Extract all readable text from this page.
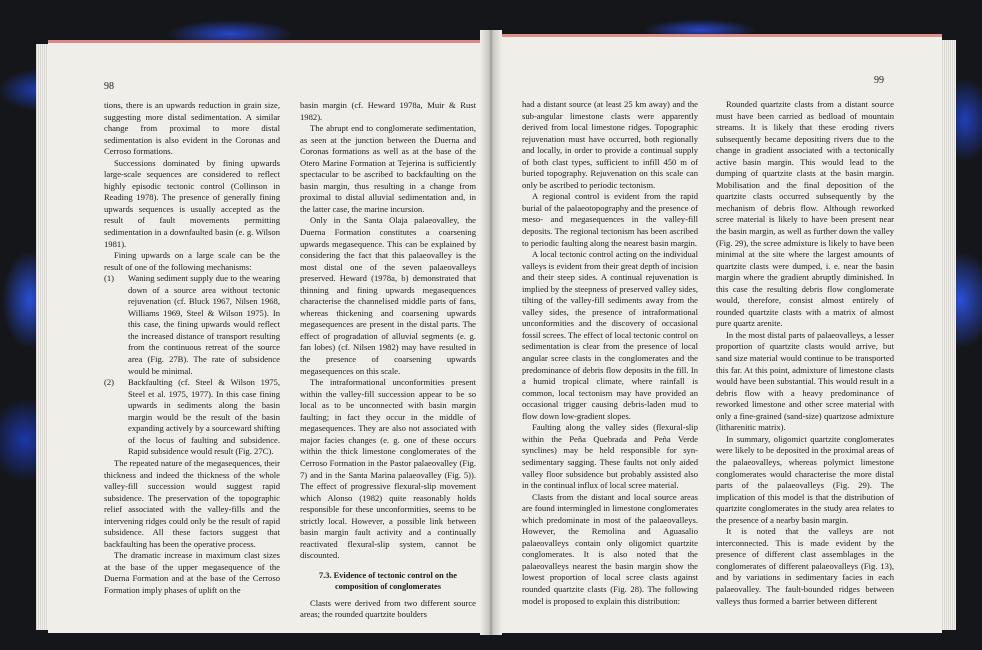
98

tions, there is an upwards reduction in grain size, suggesting more distal sedimentation. A similar change from proximal to more distal sedimentation is also evident in the Coronas and Cerroso formations.

Successions dominated by fining upwards large-scale sequences are considered to reflect highly episodic tectonic control (Collinson in Reading 1978). The presence of generally fining upwards sequences is usually accepted as the result of fault movements permitting sedimentation in a downfaulted basin (e. g. Wilson 1981).

Fining upwards on a large scale can be the result of one of the following mechanisms:

(1) Waning sediment supply due to the wearing down of a source area without tectonic rejuvenation (cf. Bluck 1967, Nilsen 1968, Williams 1969, Steel & Wilson 1975). In this case, the fining upwards would reflect the increased distance of transport resulting from the continuous retreat of the source area (Fig. 27B). The rate of subsidence would be minimal.
(2) Backfaulting (cf. Steel & Wilson 1975, Steel et al. 1975, 1977). In this case fining upwards in sediments along the basin margin would be the result of the basin expanding actively by a sourceward shifting of the locus of faulting and subsidence. Rapid subsidence would result (Fig. 27C).

The repeated nature of the megasequences, their thickness and indeed the thickness of the whole valley-fill succession would suggest rapid subsidence. The preservation of the topographic relief associated with the valley-fills and the intervening ridges could only be the result of rapid subsidence. All these factors suggest that backfaulting has been the operative process.

The dramatic increase in maximum clast sizes at the base of the upper megasequence of the Duerna Formation and at the base of the Cerroso Formation imply phases of uplift on the

basin margin (cf. Heward 1978a, Muir & Rust 1982).

The abrupt end to conglomerate sedimentation, as seen at the junction between the Duerna and Coronas formations as well as at the base of the Otero Marine Formation at Tejerina is sufficiently spectacular to be ascribed to backfaulting on the basin margin, thus resulting in a change from proximal to distal alluvial sedimentation and, in the latter case, the marine incursion.

Only in the Santa Olaja palaeovalley, the Duerna Formation constitutes a coarsening upwards megasequence. This can be explained by considering the fact that this palaeovalley is the most distal one of the seven palaeovalleys preserved. Heward (1978a, b) demonstrated that thinning and fining upwards megasequences characterise the channelised middle parts of fans, whereas thickening and coarsening upwards megasequences are present in the distal parts. The effect of progradation of alluvial segments (e. g. fan lobes) (cf. Nilsen 1982) may have resulted in the presence of coarsening upwards megasequences on this scale.

The intraformational unconformities present within the valley-fill succession appear to be so local as to be unconnected with basin margin faulting; in fact they occur in the middle of megasequences. They are also not associated with major facies changes (e. g. one of these occurs within the thick limestone conglomerates of the Cerroso Formation in the Pastor palaeovalley (Fig. 7) and in the Santa Marina palaeovalley (Fig. 5)). The effect of progressive flexural-slip movement which Alonso (1982) quite reasonably holds responsible for these unconformities, seems to be strictly local. However, a possible link between basin margin fault activity and a continually reactivated flexural-slip system, cannot be discounted.

7.3. Evidence of tectonic control on the composition of conglomerates

Clasts were derived from two different source areas; the rounded quartzite boulders

99

had a distant source (at least 25 km away) and the sub-angular limestone clasts were apparently derived from local limestone ridges. Topographic rejuvenation must have occurred, both regionally and locally, in order to provide a continual supply of both clast types, sufficient to infill 450 m of buried topography. Rejuvenation on this scale can only be ascribed to periodic tectonism.

A regional control is evident from the rapid burial of the palaeotopography and the presence of meso- and megasequences in the valley-fill deposits. The regional tectonism has been ascribed to periodic faulting along the nearest basin margin.

A local tectonic control acting on the individual valleys is evident from their great depth of incision and their steep sides. A continual rejuvenation is implied by the steepness of preserved valley sides, tilting of the valley-fill sediments away from the valley sides, the presence of intraformational unconformities and the discovery of occasional fossil screes. The effect of local tectonic control on sedimentation is clear from the presence of local angular scree clasts in the conglomerates and the predominance of debris flow deposits in the fill. In a humid tropical climate, where rainfall is common, local tectonism may have provided an occasional trigger causing debris-laden mud to flow down low-gradient slopes.

Faulting along the valley sides (flexural-slip within the Peña Quebrada and Peña Verde synclines) may be held responsible for syn-sedimentary sagging. These faults not only aided valley floor subsidence but probably assisted also in the continual influx of local scree material.

Clasts from the distant and local source areas are found intermingled in limestone conglomerates which predominate in most of the palaeovalleys. However, the Remolina and Aguasalio palaeovalleys contain only oligomict quartzite conglomerates. It is also noted that the palaeovalleys nearest the basin margin show the lowest proportion of local scree clasts against rounded quartzite clasts (Fig. 28). The following model is proposed to explain this distribution:

Rounded quartzite clasts from a distant source must have been carried as bedload of mountain streams. It is likely that these eroding rivers subsequently became depositing rivers due to the change in gradient associated with a tectonically active basin margin. This would lead to the dumping of quartzite clasts at the basin margin. Mobilisation and the final deposition of the quartzite clasts occurred subsequently by the mechanism of debris flow. Although reworked scree material is likely to have been present near the basin margin, as well as further down the valley (Fig. 29), the scree admixture is likely to have been minimal at the site where the largest amounts of quartzite clasts were dumped, i. e. near the basin margin where the gradient abruptly diminished. In this case the resulting debris flow conglomerate would, therefore, consist almost entirely of rounded quartzite clasts with a matrix of almost pure quartz arenite.

In the most distal parts of palaeovalleys, a lesser proportion of quartzite clasts would arrive, but sand size material would continue to be transported this far. At this point, admixture of limestone clasts would have been substantial. This would result in a debris flow with a heavy predominance of reworked limestone and other scree material with only a fine-grained (sand-size) quartzose admixture (litharenitic matrix).

In summary, oligomict quartzite conglomerates were likely to be deposited in the proximal areas of the palaeovalleys, whereas polymict limestone conglomerates would characterise the more distal parts of the palaeovalleys (Fig. 29). The implication of this model is that the distribution of quartzite conglomerates in the study area relates to the presence of a nearby basin margin.

It is noted that the valleys are not interconnected. This is made evident by the presence of different clast assemblages in the conglomerates of different palaeovalleys (Fig. 13), and by variations in sedimentary facies in each palaeovalley. The fault-bounded ridges between valleys thus formed a barrier between different
